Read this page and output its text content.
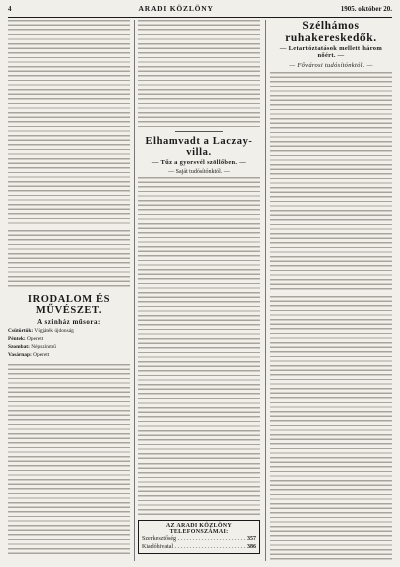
4	ARADI KÖZLÖNY	1905. október 20.
IRODALOM ÉS MŰVÉSZET.
A szinház műsora:
Csütörtök: Vígjáték újdonság
Péntek: Operett
Szombat: Népszínmű
Vasárnap: Operett
Elhamvadt a Laczay-villa.
— Tűz a gyorsvél szöllőben. —
— Saját tudósítónktól. —
AZ ARADI KÖZLÖNY TELEFONSZÁMAI:
Szerkesztőség . . .	357
Kiadóhivatal . . .	386
Szélhámos ruhakereskedők.
— Letartóztatások mellett három nőért. —
— Fővárosi tudósítónktól. —
